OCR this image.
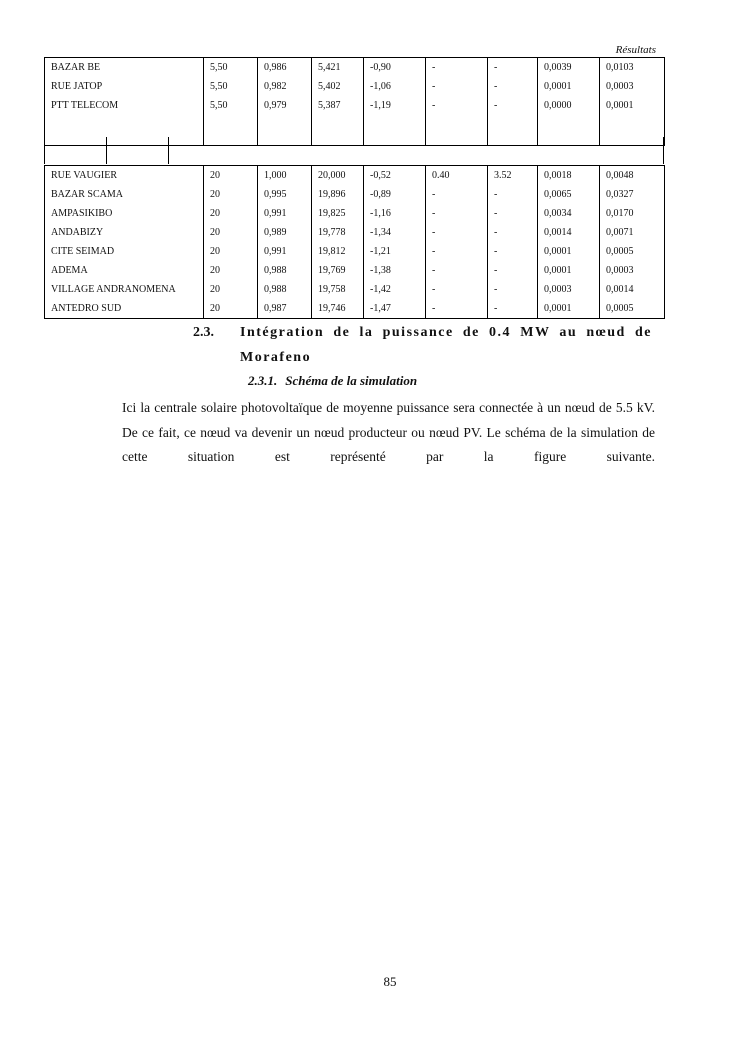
Résultats
BAZAR BE	5,50	0,986	5,421	-0,90	-	-	0,0039	0,0103
RUE JATOP	5,50	0,982	5,402	-1,06	-	-	0,0001	0,0003
PTT TELECOM	5,50	0,979	5,387	-1,19	-	-	0,0000	0,0001

RUE VAUGIER	20	1,000	20,000	-0,52	0.40	3.52	0,0018	0,0048
BAZAR SCAMA	20	0,995	19,896	-0,89	-	-	0,0065	0,0327
AMPASIKIBO	20	0,991	19,825	-1,16	-	-	0,0034	0,0170
ANDABIZY	20	0,989	19,778	-1,34	-	-	0,0014	0,0071
CITE SEIMAD	20	0,991	19,812	-1,21	-	-	0,0001	0,0005
ADEMA	20	0,988	19,769	-1,38	-	-	0,0001	0,0003
VILLAGE ANDRANOMENA	20	0,988	19,758	-1,42	-	-	0,0003	0,0014
ANTEDRO SUD	20	0,987	19,746	-1,47	-	-	0,0001	0,0005
2.3. Intégration de la puissance de 0.4 MW au nœud de
Morafeno
2.3.1. Schéma de la simulation

Ici la centrale solaire photovoltaïque de moyenne puissance sera connectée à un nœud de 5.5 kV. De ce fait, ce nœud va devenir un nœud producteur ou nœud PV. Le schéma de la simulation de cette situation est représenté par la figure suivante.

85
